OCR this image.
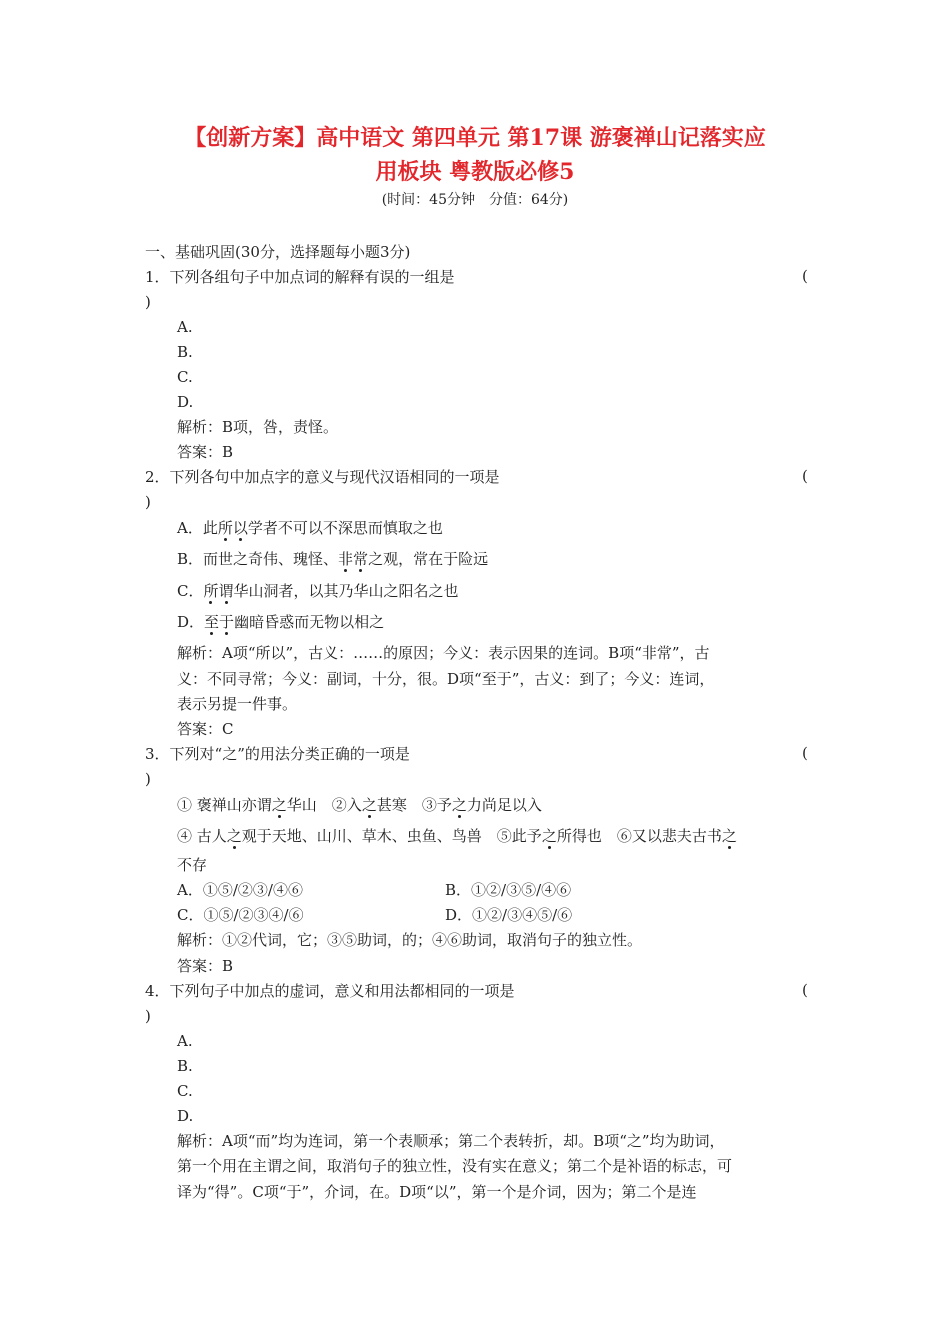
【创新方案】高中语文 第四单元 第17课 游褒禅山记落实应
用板块 粤教版必修5
(时间：45分钟　分值：64分)
一、基础巩固(30分，选择题每小题3分)
1．下列各组句子中加点词的解释有误的一组是	(
)
A.
B.
C.
D.
解析：B项，咎，责怪。
答案：B
2．下列各句中加点字的意义与现代汉语相同的一项是	(
)
A．此所以学者不可以不深思而慎取之也
B．而世之奇伟、瑰怪、非常之观，常在于险远
C．所谓华山洞者，以其乃华山之阳名之也
D．至于幽暗昏惑而无物以相之
解析：A项“所以”，古义：……的原因；今义：表示因果的连词。B项“非常”，古
义：不同寻常；今义：副词，十分，很。D项“至于”，古义：到了；今义：连词，
表示另提一件事。
答案：C
3．下列对“之”的用法分类正确的一项是	(
)
① 褒禅山亦谓之华山　②入之甚寒　③予之力尚足以入
④ 古人之观于天地、山川、草木、虫鱼、鸟兽　⑤此予之所得也　⑥又以悲夫古书之
不存
A．①⑤/②③/④⑥	B．①②/③⑤/④⑥
C．①⑤/②③④/⑥	D．①②/③④⑤/⑥
解析：①②代词，它；③⑤助词，的；④⑥助词，取消句子的独立性。
答案：B
4．下列句子中加点的虚词，意义和用法都相同的一项是	(
)
A.
B.
C.
D.
解析：A项“而”均为连词，第一个表顺承；第二个表转折，却。B项“之”均为助词，
第一个用在主谓之间，取消句子的独立性，没有实在意义；第二个是补语的标志，可
译为“得”。C项“于”，介词，在。D项“以”，第一个是介词，因为；第二个是连
